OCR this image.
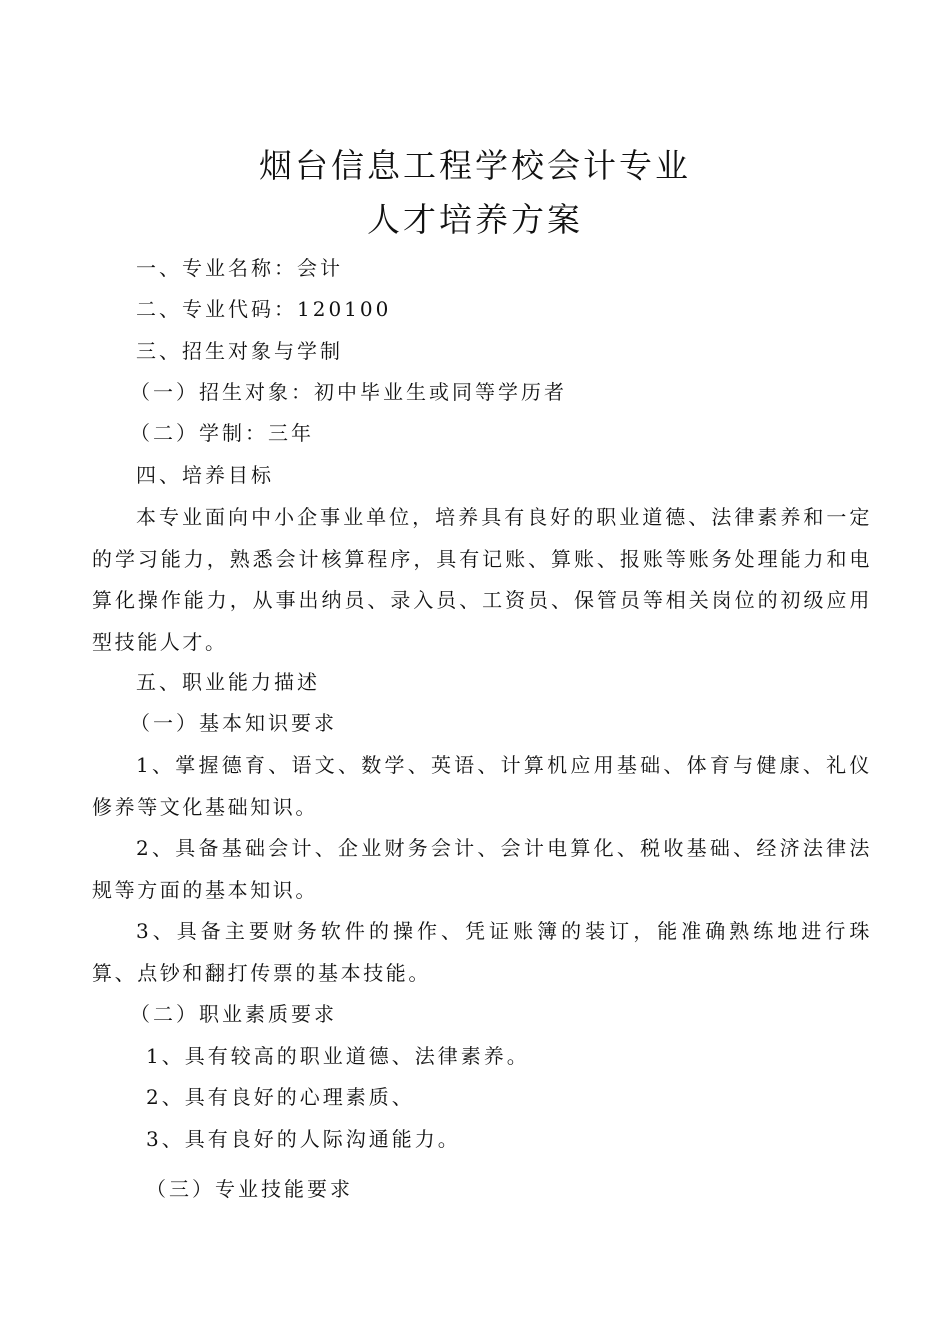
烟台信息工程学校会计专业
人才培养方案
一、专业名称：会计
二、专业代码：120100
三、招生对象与学制
（一）招生对象：初中毕业生或同等学历者
（二）学制：三年
四、培养目标
本专业面向中小企事业单位，培养具有良好的职业道德、法律素养和一定的学习能力，熟悉会计核算程序，具有记账、算账、报账等账务处理能力和电算化操作能力，从事出纳员、录入员、工资员、保管员等相关岗位的初级应用型技能人才。
五、职业能力描述
（一）基本知识要求
1、掌握德育、语文、数学、英语、计算机应用基础、体育与健康、礼仪修养等文化基础知识。
2、具备基础会计、企业财务会计、会计电算化、税收基础、经济法律法规等方面的基本知识。
3、具备主要财务软件的操作、凭证账簿的装订，能准确熟练地进行珠算、点钞和翻打传票的基本技能。
（二）职业素质要求
1、具有较高的职业道德、法律素养。
2、具有良好的心理素质、
3、具有良好的人际沟通能力。
（三）专业技能要求
